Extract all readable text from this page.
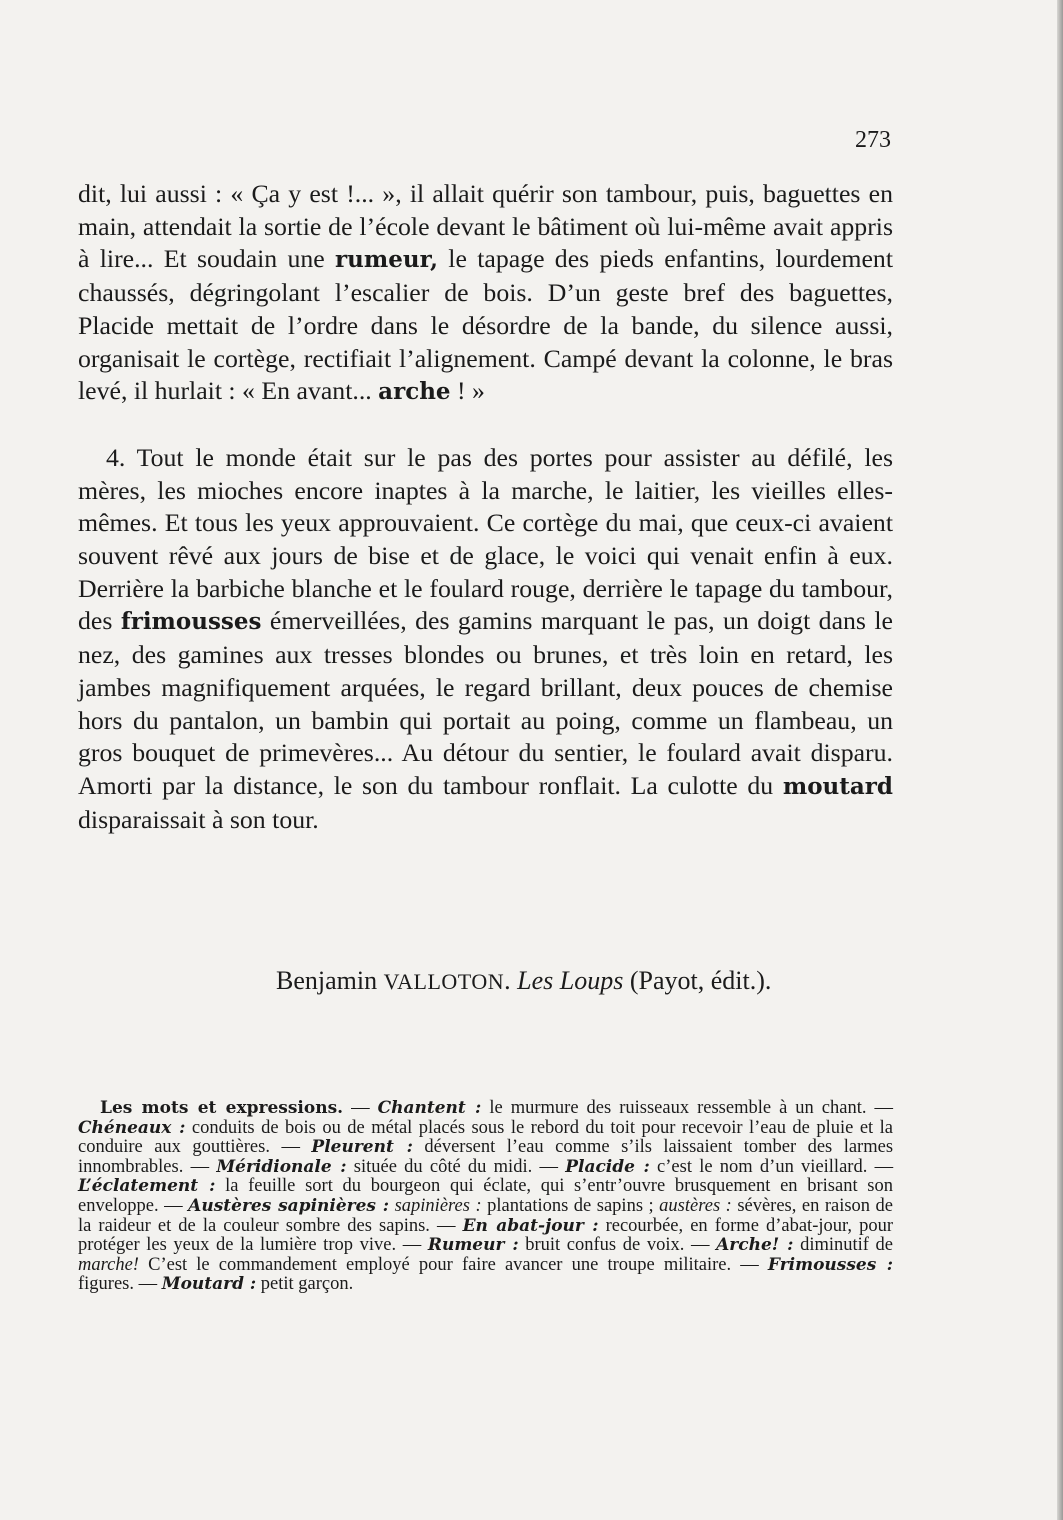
273

dit, lui aussi : « Ça y est !... », il allait quérir son tambour, puis, baguettes en main, attendait la sortie de l’école devant le bâtiment où lui-même avait appris à lire... Et soudain une rumeur, le tapage des pieds enfantins, lourdement chaussés, dégringolant l’escalier de bois. D’un geste bref des baguettes, Placide mettait de l’ordre dans le désordre de la bande, du silence aussi, organisait le cortège, rectifiait l’alignement. Campé devant la colonne, le bras levé, il hurlait : « En avant... arche ! »

4. Tout le monde était sur le pas des portes pour assister au défilé, les mères, les mioches encore inaptes à la marche, le laitier, les vieilles elles-mêmes. Et tous les yeux approuvaient. Ce cortège du mai, que ceux-ci avaient souvent rêvé aux jours de bise et de glace, le voici qui venait enfin à eux. Derrière la barbiche blanche et le foulard rouge, derrière le tapage du tambour, des frimousses émerveillées, des gamins marquant le pas, un doigt dans le nez, des gamines aux tresses blondes ou brunes, et très loin en retard, les jambes magnifiquement arquées, le regard brillant, deux pouces de chemise hors du pantalon, un bambin qui portait au poing, comme un flambeau, un gros bouquet de primevères... Au détour du sentier, le foulard avait disparu. Amorti par la distance, le son du tambour ronflait. La culotte du moutard disparaissait à son tour.

Benjamin VALLOTON. Les Loups (Payot, édit.).

Les mots et expressions. — Chantent : le murmure des ruisseaux ressemble à un chant. — Chéneaux : conduits de bois ou de métal placés sous le rebord du toit pour recevoir l’eau de pluie et la conduire aux gouttières. — Pleurent : déversent l’eau comme s’ils laissaient tomber des larmes innombrables. — Méridionale : située du côté du midi. — Placide : c’est le nom d’un vieillard. — L’éclatement : la feuille sort du bourgeon qui éclate, qui s’entr’ouvre brusquement en brisant son enveloppe. — Austères sapinières : sapinières : plantations de sapins ; austères : sévères, en raison de la raideur et de la couleur sombre des sapins. — En abat-jour : recourbée, en forme d’abat-jour, pour protéger les yeux de la lumière trop vive. — Rumeur : bruit confus de voix. — Arche! : diminutif de marche! C’est le commandement employé pour faire avancer une troupe militaire. — Frimousses : figures. — Moutard : petit garçon.
